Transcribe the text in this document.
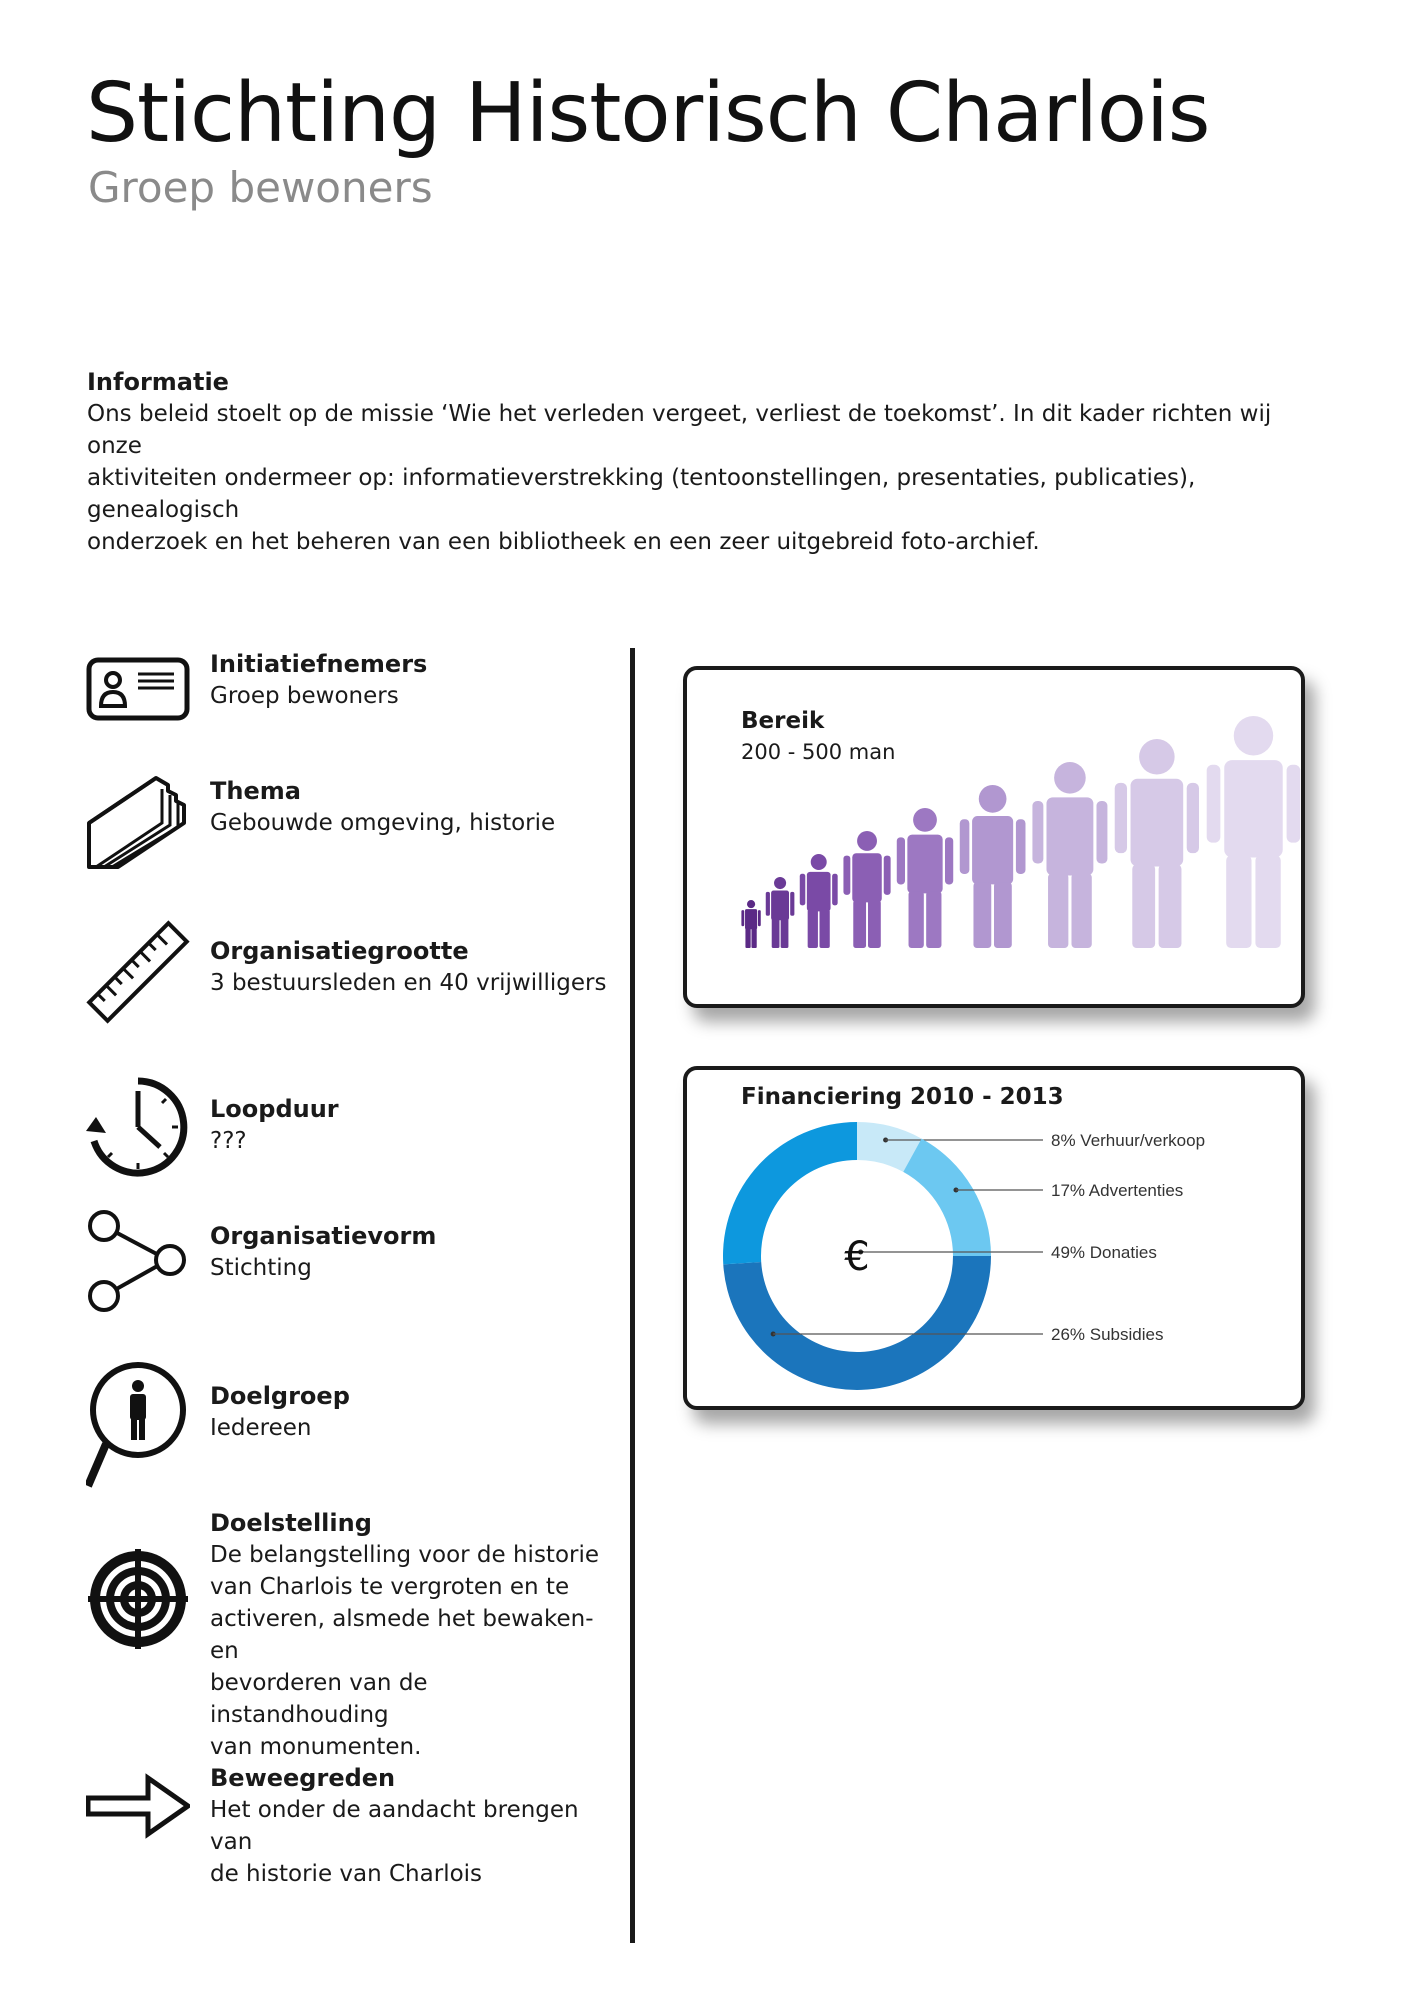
Stichting Historisch Charlois
Groep bewoners
Informatie

Ons beleid stoelt op de missie ‘Wie het verleden vergeet, verliest de toekomst’. In dit kader richten wij onze

aktiviteiten ondermeer op: informatieverstrekking (tentoonstellingen, presentaties, publicaties), genealogisch

onderzoek en het beheren van een bibliotheek en een zeer uitgebreid foto-archief.

Initiatiefnemers

Groep bewoners

Thema

Gebouwde omgeving, historie

Organisatiegrootte

3 bestuursleden en 40 vrijwilligers

Loopduur

???

Organisatievorm

Stichting

Doelgroep

Iedereen

Doelstelling

De belangstelling voor de historie

van Charlois te vergroten en te

activeren, alsmede het bewaken- en

bevorderen van de instandhouding

van monumenten.

Beweegreden

Het onder de aandacht brengen van

de historie van Charlois

Bereik
200 - 500 man
Financiering 2010 - 2013
8% Verhuur/verkoop
17% Advertenties
49% Donaties
26% Subsidies
€
